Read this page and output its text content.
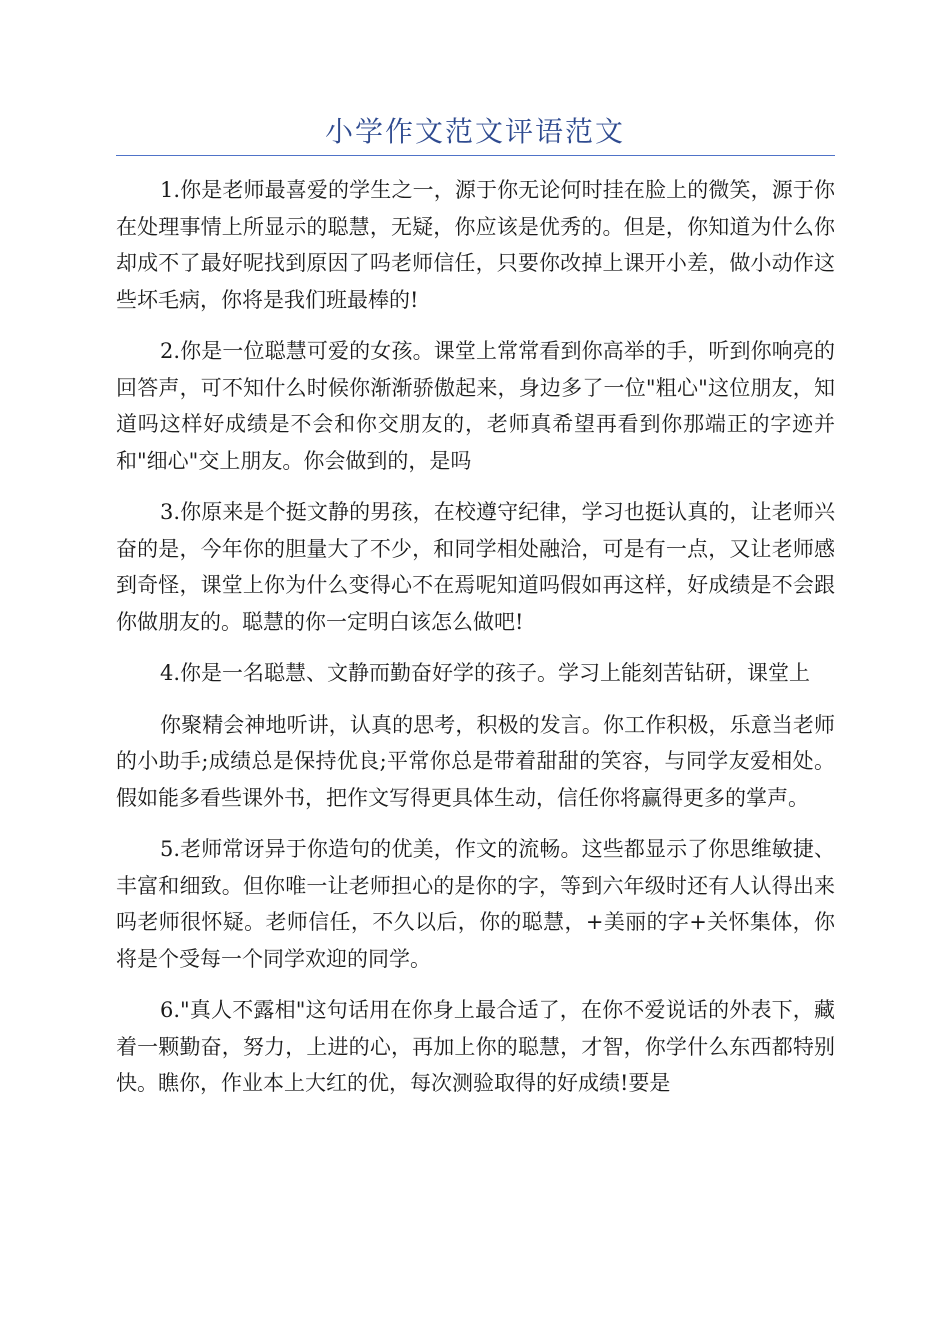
小学作文范文评语范文

1.你是老师最喜爱的学生之一，源于你无论何时挂在脸上的微笑，源于你在处理事情上所显示的聪慧，无疑，你应该是优秀的。但是，你知道为什么你却成不了最好呢找到原因了吗老师信任，只要你改掉上课开小差，做小动作这些坏毛病，你将是我们班最棒的!

2.你是一位聪慧可爱的女孩。课堂上常常看到你高举的手，听到你响亮的回答声，可不知什么时候你渐渐骄傲起来，身边多了一位"粗心"这位朋友，知道吗这样好成绩是不会和你交朋友的，老师真希望再看到你那端正的字迹并和"细心"交上朋友。你会做到的，是吗

3.你原来是个挺文静的男孩，在校遵守纪律，学习也挺认真的，让老师兴奋的是，今年你的胆量大了不少，和同学相处融洽，可是有一点，又让老师感到奇怪，课堂上你为什么变得心不在焉呢知道吗假如再这样，好成绩是不会跟你做朋友的。聪慧的你一定明白该怎么做吧!

4.你是一名聪慧、文静而勤奋好学的孩子。学习上能刻苦钻研，课堂上

你聚精会神地听讲，认真的思考，积极的发言。你工作积极，乐意当老师的小助手;成绩总是保持优良;平常你总是带着甜甜的笑容，与同学友爱相处。假如能多看些课外书，把作文写得更具体生动，信任你将赢得更多的掌声。

5.老师常讶异于你造句的优美，作文的流畅。这些都显示了你思维敏捷、丰富和细致。但你唯一让老师担心的是你的字，等到六年级时还有人认得出来吗老师很怀疑。老师信任，不久以后，你的聪慧，+美丽的字+关怀集体，你将是个受每一个同学欢迎的同学。

6."真人不露相"这句话用在你身上最合适了，在你不爱说话的外表下，藏着一颗勤奋，努力，上进的心，再加上你的聪慧，才智，你学什么东西都特别快。瞧你，作业本上大红的优，每次测验取得的好成绩!要是
